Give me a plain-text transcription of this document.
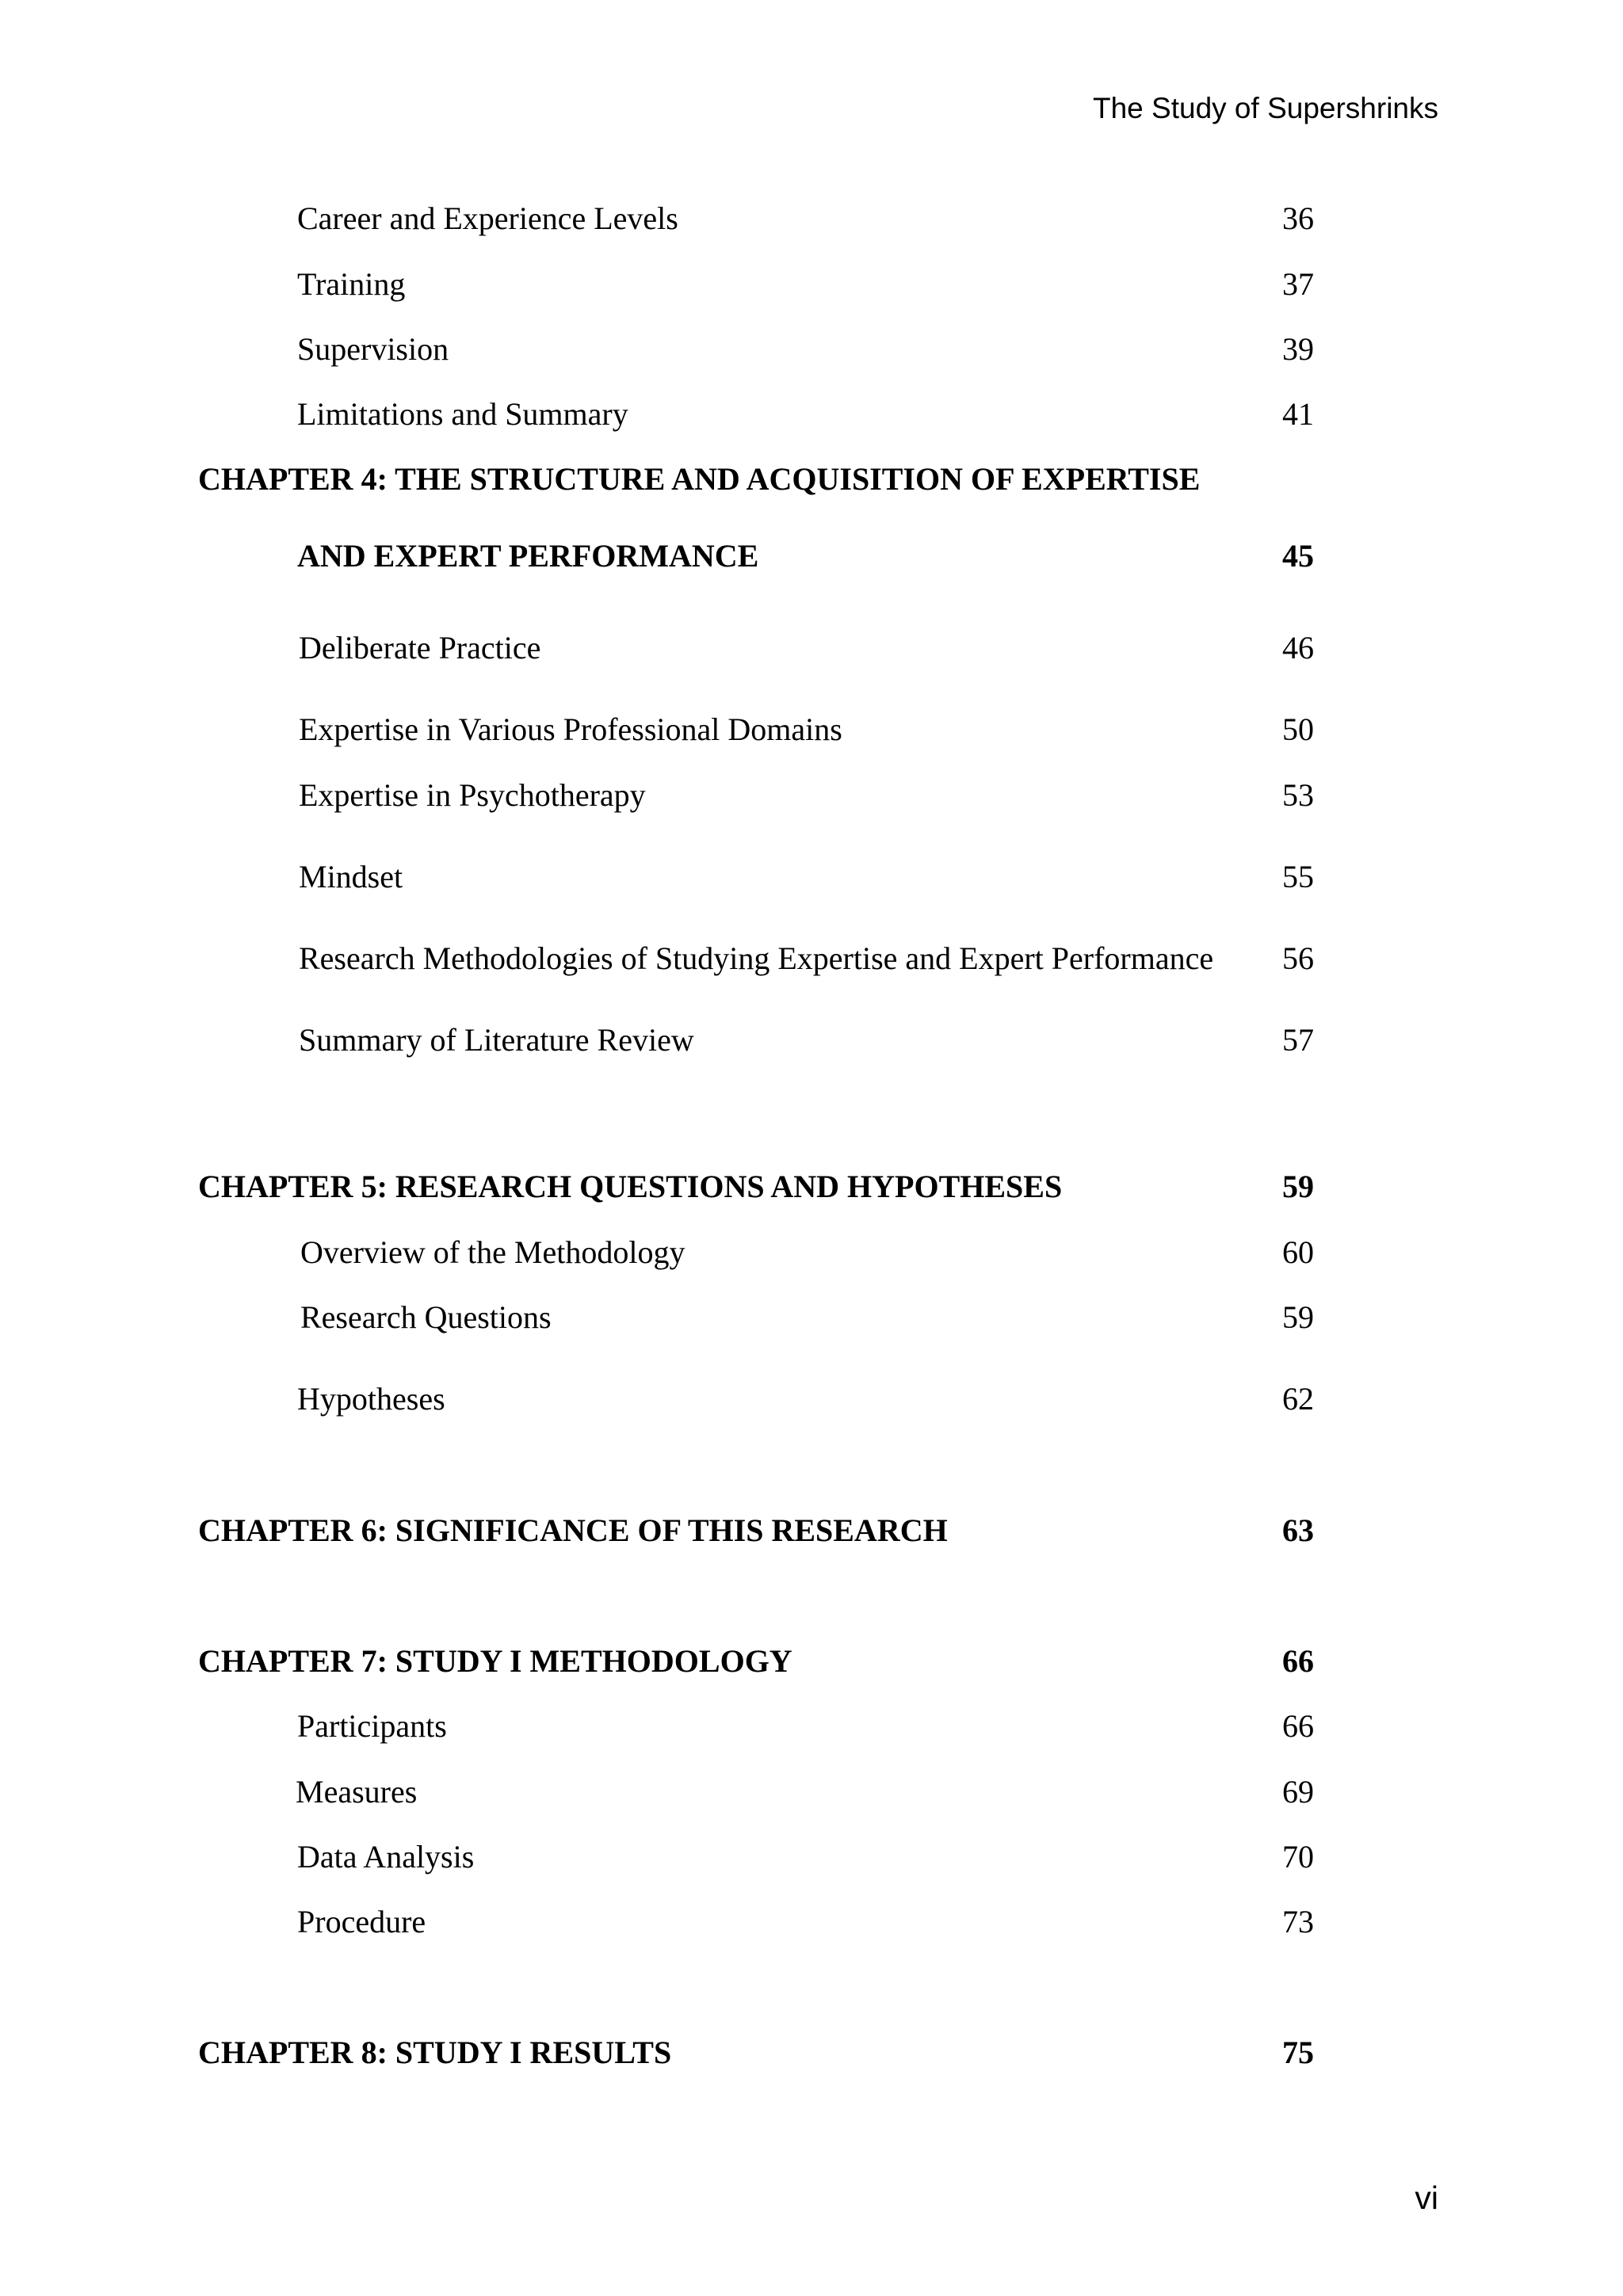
The Study of Supershrinks
Career and Experience Levels	36
Training	37
Supervision	39
Limitations and Summary	41
CHAPTER 4: THE STRUCTURE AND ACQUISITION OF EXPERTISE
AND EXPERT PERFORMANCE	45
Deliberate Practice	46
Expertise in Various Professional Domains	50
Expertise in Psychotherapy	53
Mindset	55
Research Methodologies of Studying Expertise and Expert Performance 56
Summary of Literature Review	57
CHAPTER 5: RESEARCH QUESTIONS AND HYPOTHESES	59
Overview of the Methodology	60
Research Questions	59
Hypotheses	62
CHAPTER 6: SIGNIFICANCE OF THIS RESEARCH	63
CHAPTER 7: STUDY I METHODOLOGY	66
Participants	66
Measures	69
Data Analysis	70
Procedure	73
CHAPTER 8: STUDY I RESULTS	75
vi
